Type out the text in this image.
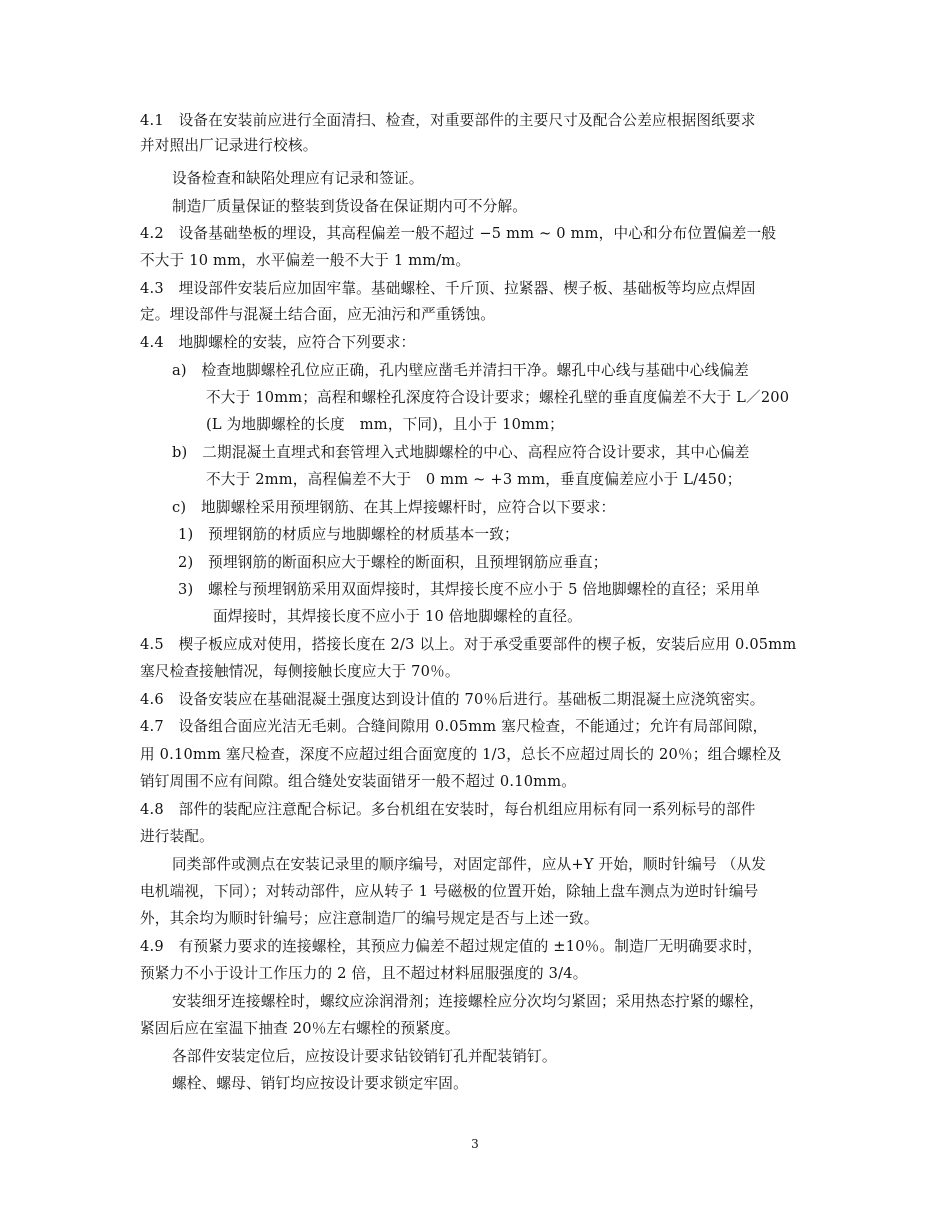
4.1　设备在安装前应进行全面清扫、检查，对重要部件的主要尺寸及配合公差应根据图纸要求
并对照出厂记录进行校核。
设备检查和缺陷处理应有记录和签证。
制造厂质量保证的整装到货设备在保证期内可不分解。
4.2　设备基础垫板的埋设，其高程偏差一般不超过 −5 mm ~ 0 mm，中心和分布位置偏差一般
不大于 10 mm，水平偏差一般不大于 1 mm/m。
4.3　埋设部件安装后应加固牢靠。基础螺栓、千斤顶、拉紧器、楔子板、基础板等均应点焊固
定。埋设部件与混凝土结合面，应无油污和严重锈蚀。
4.4　地脚螺栓的安装，应符合下列要求：
a)　检查地脚螺栓孔位应正确，孔内壁应凿毛并清扫干净。螺孔中心线与基础中心线偏差
不大于 10mm；高程和螺栓孔深度符合设计要求；螺栓孔壁的垂直度偏差不大于 L／200
(L 为地脚螺栓的长度　mm，下同)，且小于 10mm；
b)　二期混凝土直埋式和套管埋入式地脚螺栓的中心、高程应符合设计要求，其中心偏差
不大于 2mm，高程偏差不大于　0 mm ~ +3 mm，垂直度偏差应小于 L/450；
c)　地脚螺栓采用预埋钢筋、在其上焊接螺杆时，应符合以下要求：
1)　预埋钢筋的材质应与地脚螺栓的材质基本一致；
2)　预埋钢筋的断面积应大于螺栓的断面积，且预埋钢筋应垂直；
3)　螺栓与预埋钢筋采用双面焊接时，其焊接长度不应小于 5 倍地脚螺栓的直径；采用单
面焊接时，其焊接长度不应小于 10 倍地脚螺栓的直径。
4.5　楔子板应成对使用，搭接长度在 2/3 以上。对于承受重要部件的楔子板，安装后应用 0.05mm
塞尺检查接触情况，每侧接触长度应大于 70％。
4.6　设备安装应在基础混凝土强度达到设计值的 70％后进行。基础板二期混凝土应浇筑密实。
4.7　设备组合面应光洁无毛刺。合缝间隙用 0.05mm 塞尺检查，不能通过；允许有局部间隙，
用 0.10mm 塞尺检查，深度不应超过组合面宽度的 1/3，总长不应超过周长的 20％；组合螺栓及
销钉周围不应有间隙。组合缝处安装面错牙一般不超过 0.10mm。
4.8　部件的装配应注意配合标记。多台机组在安装时，每台机组应用标有同一系列标号的部件
进行装配。
同类部件或测点在安装记录里的顺序编号，对固定部件，应从+Y 开始，顺时针编号 （从发
电机端视，下同）；对转动部件，应从转子 1 号磁极的位置开始，除轴上盘车测点为逆时针编号
外，其余均为顺时针编号；应注意制造厂的编号规定是否与上述一致。
4.9　有预紧力要求的连接螺栓，其预应力偏差不超过规定值的 ±10％。制造厂无明确要求时，
预紧力不小于设计工作压力的 2 倍，且不超过材料屈服强度的 3/4。
安装细牙连接螺栓时，螺纹应涂润滑剂；连接螺栓应分次均匀紧固；采用热态拧紧的螺栓，
紧固后应在室温下抽查 20％左右螺栓的预紧度。
各部件安装定位后，应按设计要求钻铰销钉孔并配装销钉。
螺栓、螺母、销钉均应按设计要求锁定牢固。
3
